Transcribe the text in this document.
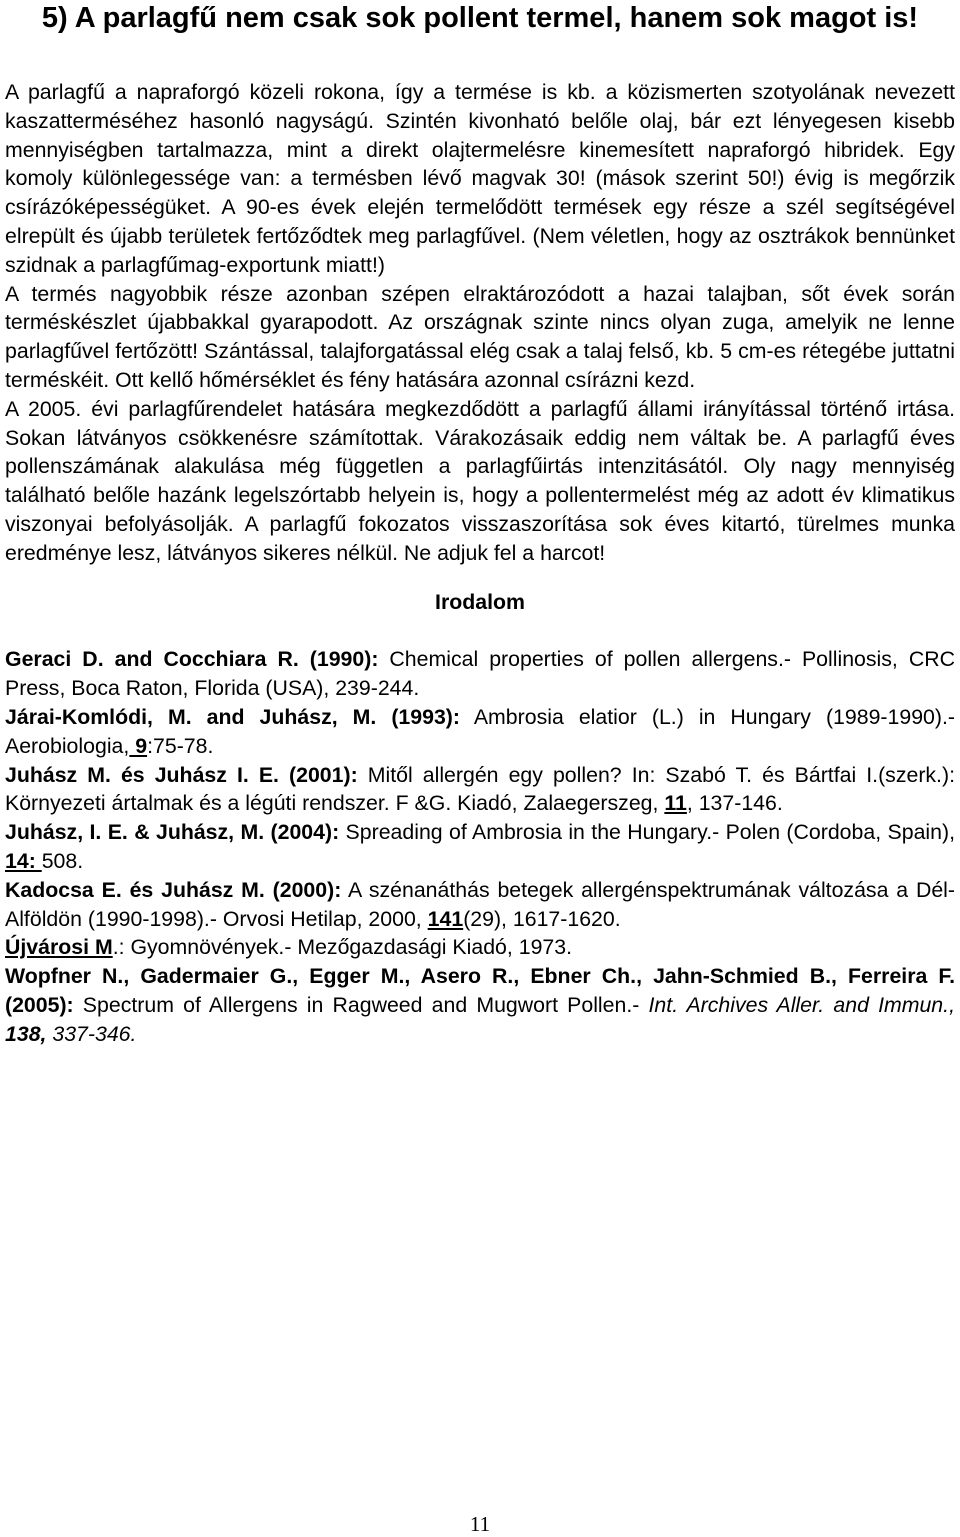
5) A parlagfű nem csak sok pollent termel, hanem sok magot is!

A parlagfű a napraforgó közeli rokona, így a termése is kb. a közismerten szotyolának nevezett kaszatterméséhez hasonló nagyságú. Szintén kivonható belőle olaj, bár ezt lényegesen kisebb mennyiségben tartalmazza, mint a direkt olajtermelésre kinemesített napraforgó hibridek. Egy komoly különlegessége van: a termésben lévő magvak 30! (mások szerint 50!) évig is megőrzik csírázóképességüket. A 90-es évek elején termelődött termések egy része a szél segítségével elrepült és újabb területek fertőződtek meg parlagfűvel. (Nem véletlen, hogy az osztrákok bennünket szidnak a parlagfűmag-exportunk miatt!)
A termés nagyobbik része azonban szépen elraktározódott a hazai talajban, sőt évek során terméskészlet újabbakkal gyarapodott. Az országnak szinte nincs olyan zuga, amelyik ne lenne parlagfűvel fertőzött! Szántással, talajforgatással elég csak a talaj felső, kb. 5 cm-es rétegébe juttatni terméskéit. Ott kellő hőmérséklet és fény hatására azonnal csírázni kezd.
A 2005. évi parlagfűrendelet hatására megkezdődött a parlagfű állami irányítással történő irtása. Sokan látványos csökkenésre számítottak. Várakozásaik eddig nem váltak be. A parlagfű éves pollenszámának alakulása még független a parlagfűirtás intenzitásától. Oly nagy mennyiség található belőle hazánk legelszórtabb helyein is, hogy a pollentermelést még az adott év klimatikus viszonyai befolyásolják. A parlagfű fokozatos visszaszorítása sok éves kitartó, türelmes munka eredménye lesz, látványos sikeres nélkül. Ne adjuk fel a harcot!

Irodalom

Geraci D. and Cocchiara R. (1990): Chemical properties of pollen allergens.- Pollinosis, CRC Press, Boca Raton, Florida (USA), 239-244.

Járai-Komlódi, M. and Juhász, M. (1993): Ambrosia elatior (L.) in Hungary (1989-1990).- Aerobiologia, 9:75-78.

Juhász M. és Juhász I. E. (2001): Mitől allergén egy pollen? In: Szabó T. és Bártfai I.(szerk.): Környezeti ártalmak és a légúti rendszer. F &G. Kiadó, Zalaegerszeg, 11, 137-146.

Juhász, I. E. & Juhász, M. (2004): Spreading of Ambrosia in the Hungary.- Polen (Cordoba, Spain), 14: 508.

Kadocsa E. és Juhász M. (2000): A szénanáthás betegek allergénspektrumának változása a Dél-Alföldön (1990-1998).- Orvosi Hetilap, 2000, 141(29), 1617-1620.

Újvárosi M.: Gyomnövények.- Mezőgazdasági Kiadó, 1973.

Wopfner N., Gadermaier G., Egger M., Asero R., Ebner Ch., Jahn-Schmied B., Ferreira F. (2005): Spectrum of Allergens in Ragweed and Mugwort Pollen.- Int. Archives Aller. and Immun., 138, 337-346.

11
